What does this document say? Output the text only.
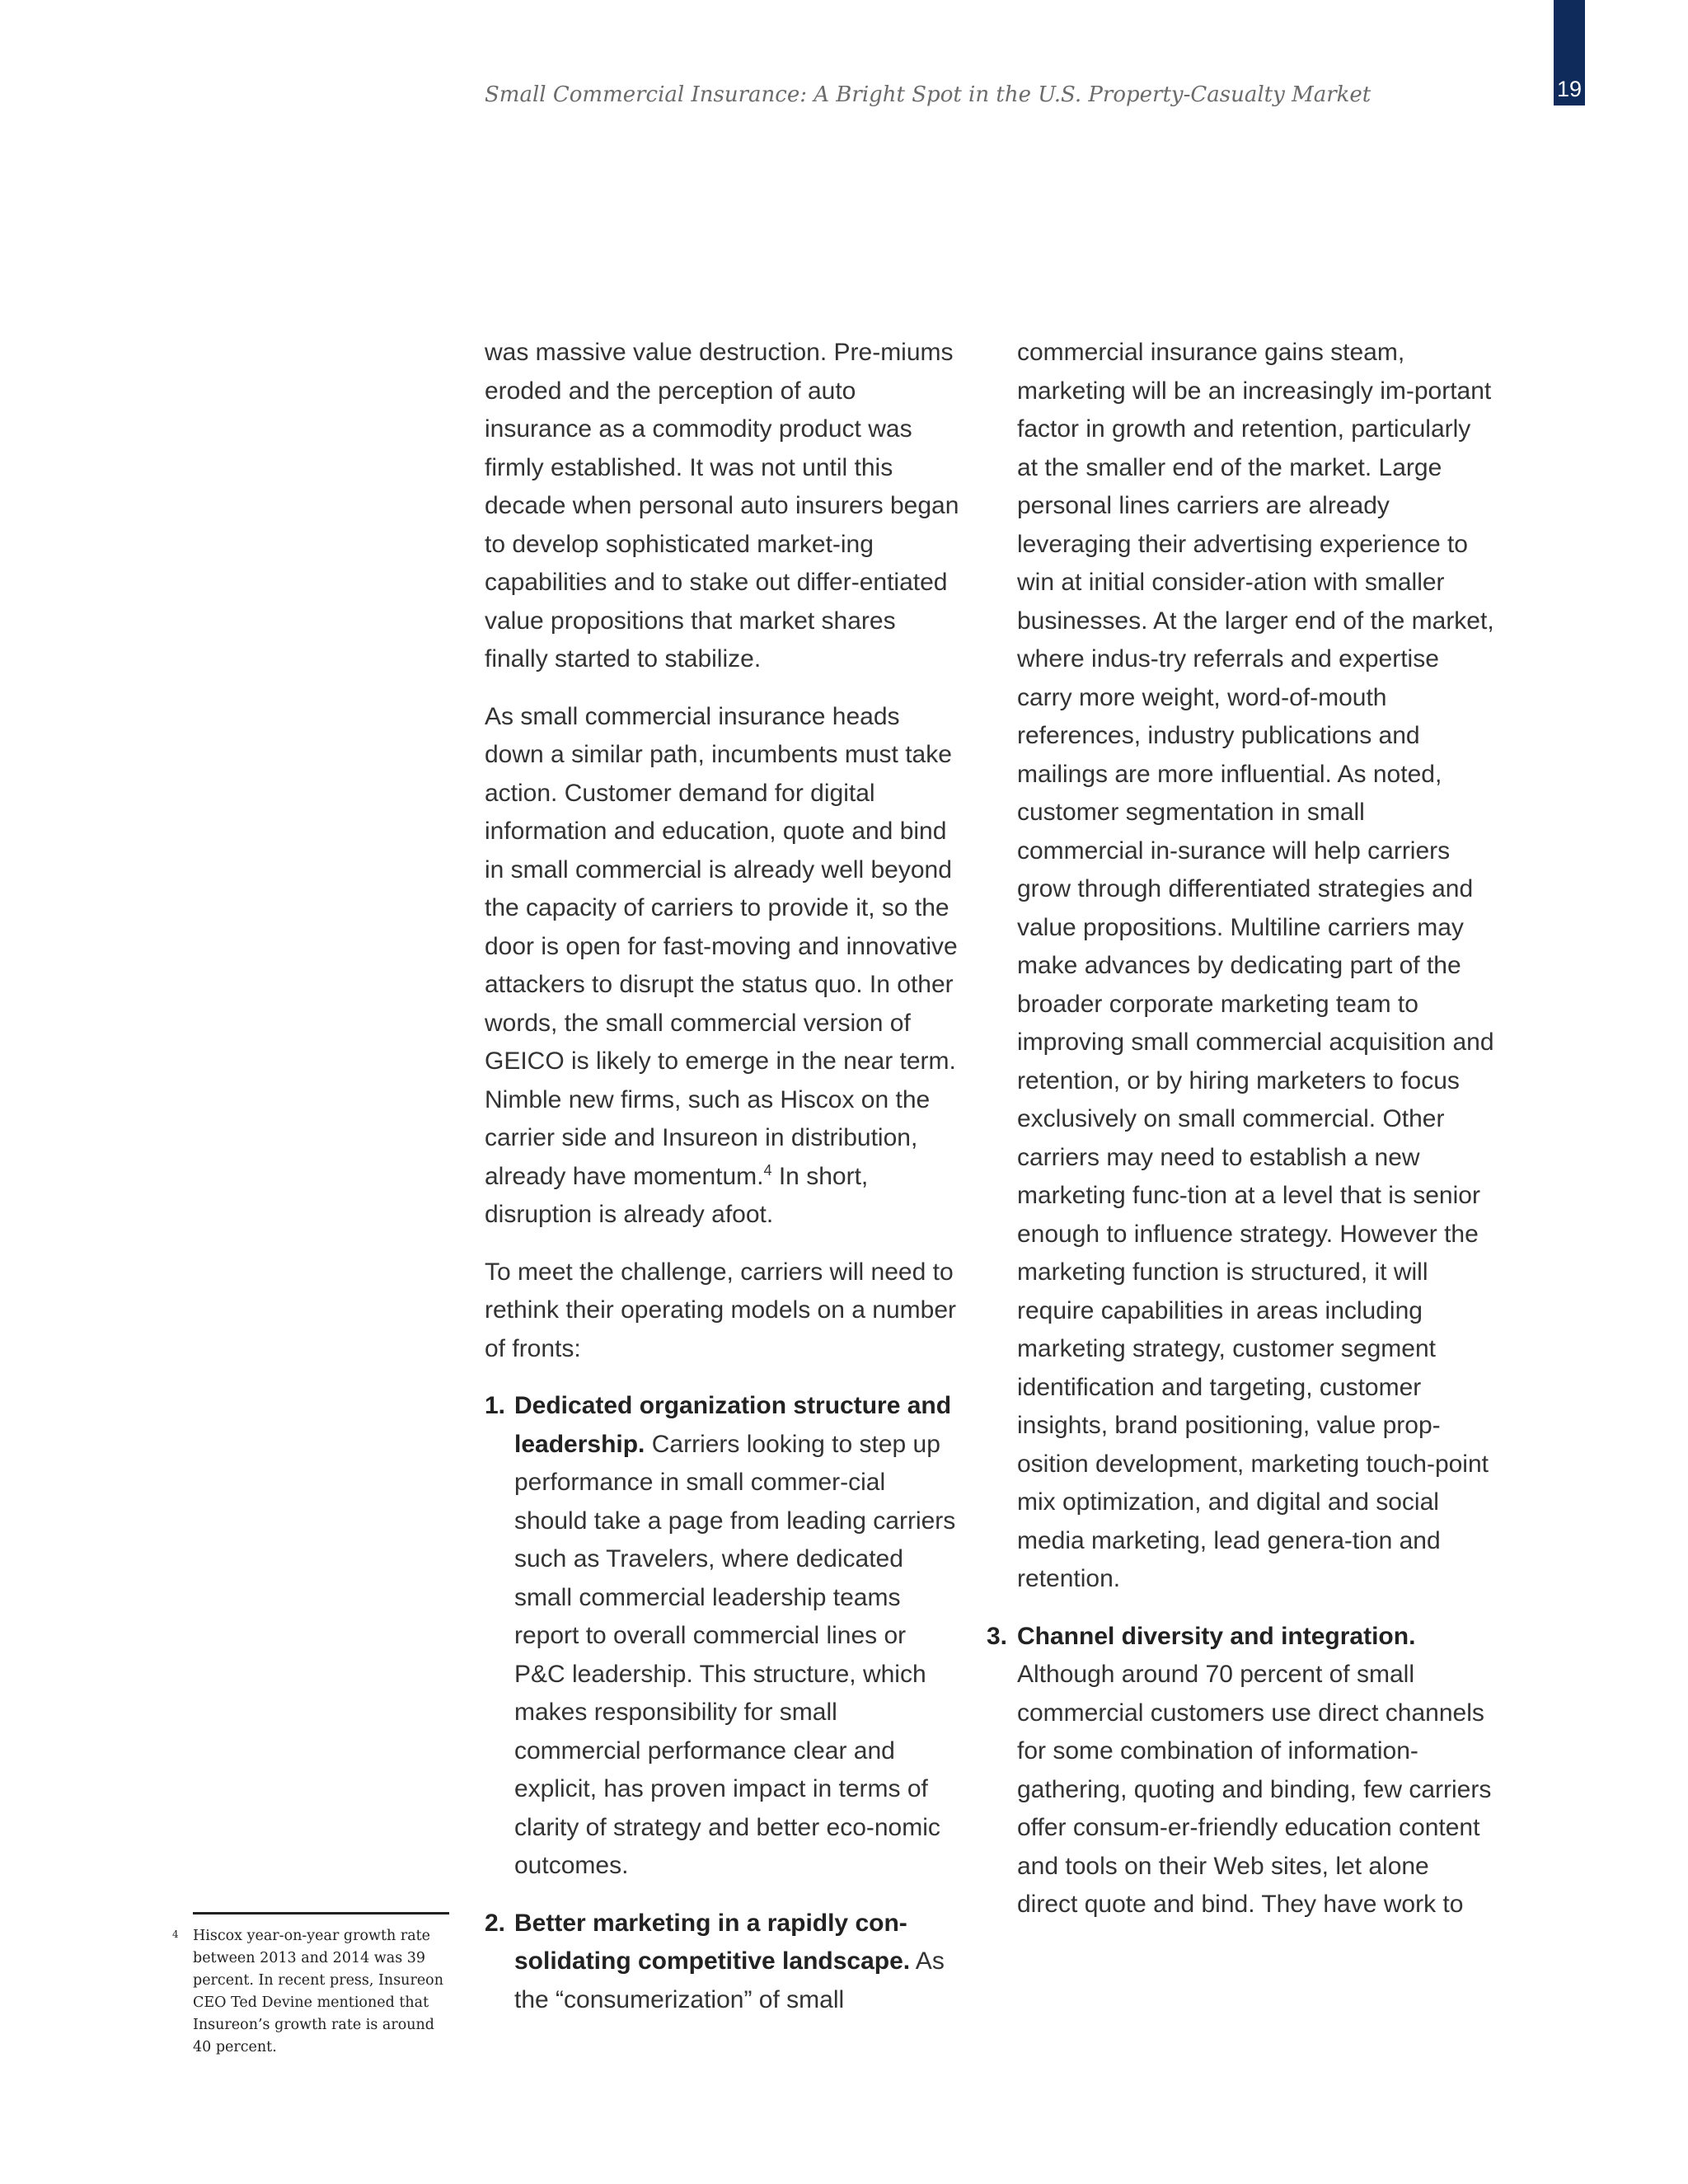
Small Commercial Insurance: A Bright Spot in the U.S. Property-Casualty Market	19

was massive value destruction. Pre-miums eroded and the perception of auto insurance as a commodity product was firmly established. It was not until this decade when personal auto insurers began to develop sophisticated market-ing capabilities and to stake out differ-entiated value propositions that market shares finally started to stabilize.

As small commercial insurance heads down a similar path, incumbents must take action. Customer demand for digital information and education, quote and bind in small commercial is already well beyond the capacity of carriers to provide it, so the door is open for fast-moving and innovative attackers to disrupt the status quo. In other words, the small commercial version of GEICO is likely to emerge in the near term. Nimble new firms, such as Hiscox on the carrier side and Insureon in distribution, already have momentum.$^4$ In short, disruption is already afoot.

To meet the challenge, carriers will need to rethink their operating models on a number of fronts:

1. Dedicated organization structure and leadership. Carriers looking to step up performance in small commer-cial should take a page from leading carriers such as Travelers, where dedicated small commercial leadership teams report to overall commercial lines or P&C leadership. This structure, which makes responsibility for small commercial performance clear and explicit, has proven impact in terms of clarity of strategy and better eco-nomic outcomes.
2. Better marketing in a rapidly con-solidating competitive landscape. As the “consumerization” of small

commercial insurance gains steam, marketing will be an increasingly im-portant factor in growth and retention, particularly at the smaller end of the market. Large personal lines carriers are already leveraging their advertising experience to win at initial consider-ation with smaller businesses. At the larger end of the market, where indus-try referrals and expertise carry more weight, word-of-mouth references, industry publications and mailings are more influential. As noted, customer segmentation in small commercial in-surance will help carriers grow through differentiated strategies and value propositions. Multiline carriers may make advances by dedicating part of the broader corporate marketing team to improving small commercial acquisition and retention, or by hiring marketers to focus exclusively on small commercial. Other carriers may need to establish a new marketing func-tion at a level that is senior enough to influence strategy. However the marketing function is structured, it will require capabilities in areas including marketing strategy, customer segment identification and targeting, customer insights, brand positioning, value prop-osition development, marketing touch-point mix optimization, and digital and social media marketing, lead genera-tion and retention.

3. Channel diversity and integration. Although around 70 percent of small commercial customers use direct channels for some combination of information-gathering, quoting and binding, few carriers offer consum-er-friendly education content and tools on their Web sites, let alone direct quote and bind. They have work to
4 Hiscox year-on-year growth rate between 2013 and 2014 was 39 percent. In recent press, Insureon CEO Ted Devine mentioned that Insureon’s growth rate is around 40 percent.
